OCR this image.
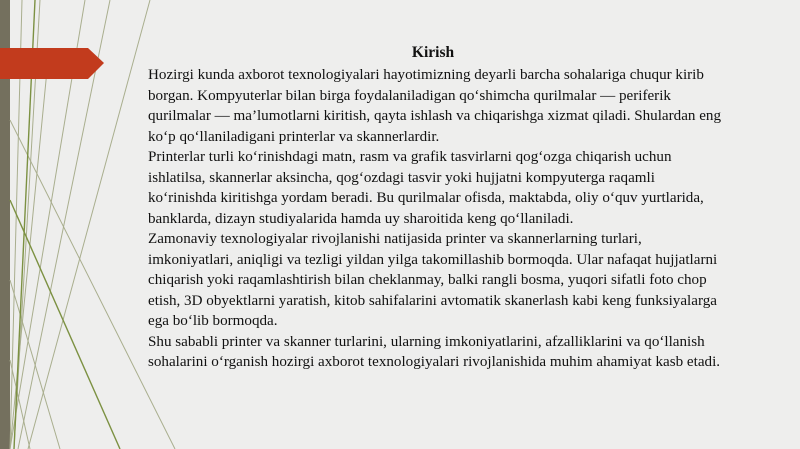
Kirish

Hozirgi kunda axborot texnologiyalari hayotimizning deyarli barcha sohalariga chuqur kirib borgan. Kompyuterlar bilan birga foydalaniladigan qo‘shimcha qurilmalar — periferik qurilmalar — ma’lumotlarni kiritish, qayta ishlash va chiqarishga xizmat qiladi. Shulardan eng ko‘p qo‘llaniladigani printerlar va skannerlardir.

Printerlar turli ko‘rinishdagi matn, rasm va grafik tasvirlarni qog‘ozga chiqarish uchun ishlatilsa, skannerlar aksincha, qog‘ozdagi tasvir yoki hujjatni kompyuterga raqamli ko‘rinishda kiritishga yordam beradi. Bu qurilmalar ofisda, maktabda, oliy o‘quv yurtlarida, banklarda, dizayn studiyalarida hamda uy sharoitida keng qo‘llaniladi.

Zamonaviy texnologiyalar rivojlanishi natijasida printer va skannerlarning turlari, imkoniyatlari, aniqligi va tezligi yildan yilga takomillashib bormoqda. Ular nafaqat hujjatlarni chiqarish yoki raqamlashtirish bilan cheklanmay, balki rangli bosma, yuqori sifatli foto chop etish, 3D obyektlarni yaratish, kitob sahifalarini avtomatik skanerlash kabi keng funksiyalarga ega bo‘lib bormoqda.

Shu sababli printer va skanner turlarini, ularning imkoniyatlarini, afzalliklarini va qo‘llanish sohalarini o‘rganish hozirgi axborot texnologiyalari rivojlanishida muhim ahamiyat kasb etadi.
